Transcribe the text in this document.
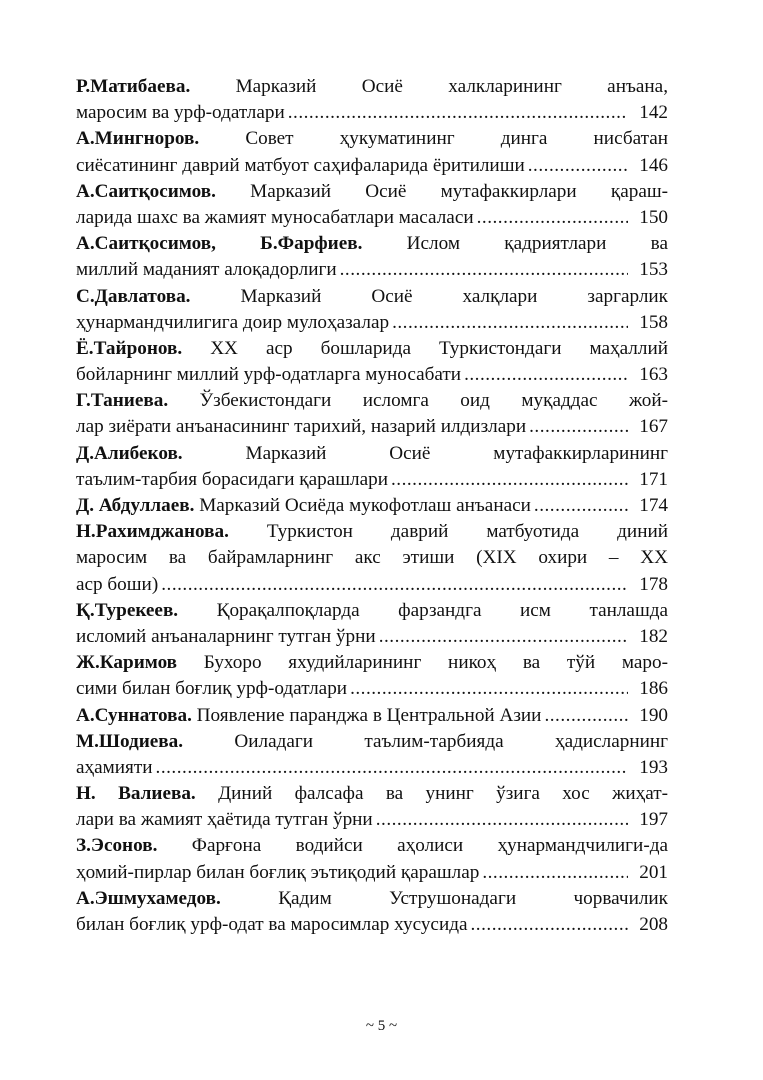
Р.Матибаева. Марказий Осиё халкларининг анъана,
маросим ва урф-одатлари .....	142
А.Мингноров. Совет ҳукуматининг динга нисбатан
сиёсатининг даврий матбуот саҳифаларида ёритилиши .....	146
А.Саитқосимов. Марказий Осиё мутафаккирлари қараш-
ларида шахс ва жамият муносабатлари масаласи .....	150
А.Саитқосимов, Б.Фарфиев. Ислом қадриятлари ва
миллий маданият алоқадорлиги .....	153
С.Давлатова.	Марказий Осиё халқлари заргарлик
ҳунармандчилигига доир мулоҳазалар .....	158
Ё.Тайронов. ХХ аср бошларида Туркистондаги маҳаллий
бойларнинг миллий урф-одатларга муносабати .....	163
Г.Таниева. Ўзбекистондаги исломга оид муқаддас жой-
лар зиёрати анъанасининг тарихий, назарий илдизлари .....	167
Д.Алибеков.	Марказий Осиё мутафаккирларининг
таълим-тарбия борасидаги қарашлари .....	171
Д. Абдуллаев. Марказий Осиёда мукофотлаш анъанаси .....	174
Н.Рахимджанова. Туркистон даврий матбуотида диний
маросим ва байрамларнинг акс этиши (XIX охири – XX
аср боши) .....	178
Қ.Турекеев. Қорақалпоқларда фарзандга исм танлашда
исломий анъаналарнинг тутган ўрни .....	182
Ж.Каримов Бухоро яхудийларининг никоҳ ва тўй маро-
сими билан боғлиқ урф-одатлари .....	186
А.Суннатова. Появление паранджа в Центральной Азии .....	190
М.Шодиева.	Оиладаги таълим-тарбияда ҳадисларнинг
аҳамияти .....	193
Н. Валиева. Диний фалсафа ва унинг ўзига хос жиҳат-
лари ва жамият ҳаётида тутган ўрни .....	197
З.Эсонов. Фарғона водийси аҳолиси ҳунармандчилиги-да
ҳомий-пирлар билан боғлиқ эътиқодий қарашлар .....	201
А.Эшмухамедов.	Қадим Уструшонадаги чорвачилик
билан боғлиқ урф-одат ва маросимлар хусусида .....	208
~ 5 ~
